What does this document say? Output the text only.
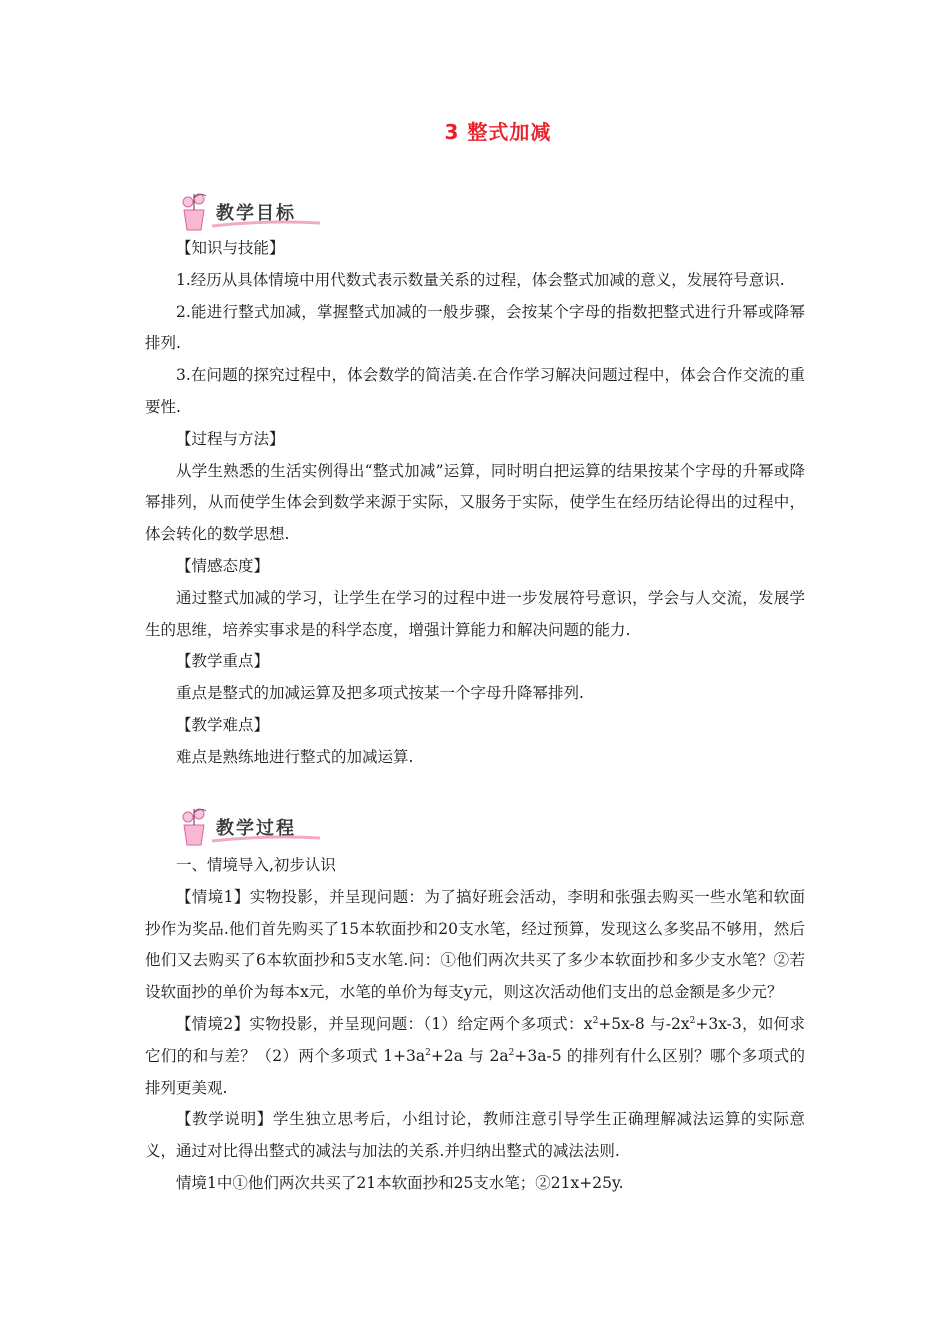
3 整式加减
教学目标

【知识与技能】

1.经历从具体情境中用代数式表示数量关系的过程，体会整式加减的意义，发展符号意识.

2.能进行整式加减，掌握整式加减的一般步骤，会按某个字母的指数把整式进行升幂或降幂排列.

3.在问题的探究过程中，体会数学的简洁美.在合作学习解决问题过程中，体会合作交流的重要性.

【过程与方法】

从学生熟悉的生活实例得出“整式加减”运算，同时明白把运算的结果按某个字母的升幂或降幂排列，从而使学生体会到数学来源于实际，又服务于实际，使学生在经历结论得出的过程中，体会转化的数学思想.

【情感态度】

通过整式加减的学习，让学生在学习的过程中进一步发展符号意识，学会与人交流，发展学生的思维，培养实事求是的科学态度，增强计算能力和解决问题的能力.

【教学重点】

重点是整式的加减运算及把多项式按某一个字母升降幂排列.

【教学难点】

难点是熟练地进行整式的加减运算.

教学过程

一、情境导入,初步认识

【情境1】实物投影，并呈现问题：为了搞好班会活动，李明和张强去购买一些水笔和软面抄作为奖品.他们首先购买了15本软面抄和20支水笔，经过预算，发现这么多奖品不够用，然后他们又去购买了6本软面抄和5支水笔.问：①他们两次共买了多少本软面抄和多少支水笔？②若设软面抄的单价为每本x元，水笔的单价为每支y元，则这次活动他们支出的总金额是多少元？

【情境2】实物投影，并呈现问题：（1）给定两个多项式：$x^2+5x-8$ 与$-2x^2+3x-3$，如何求它们的和与差？（2）两个多项式 $1+3a^2+2a$ 与 $2a^2+3a-5$ 的排列有什么区别？哪个多项式的排列更美观.

【教学说明】学生独立思考后，小组讨论，教师注意引导学生正确理解减法运算的实际意义，通过对比得出整式的减法与加法的关系.并归纳出整式的减法法则.

情境1中①他们两次共买了21本软面抄和25支水笔；②21x+25y.
